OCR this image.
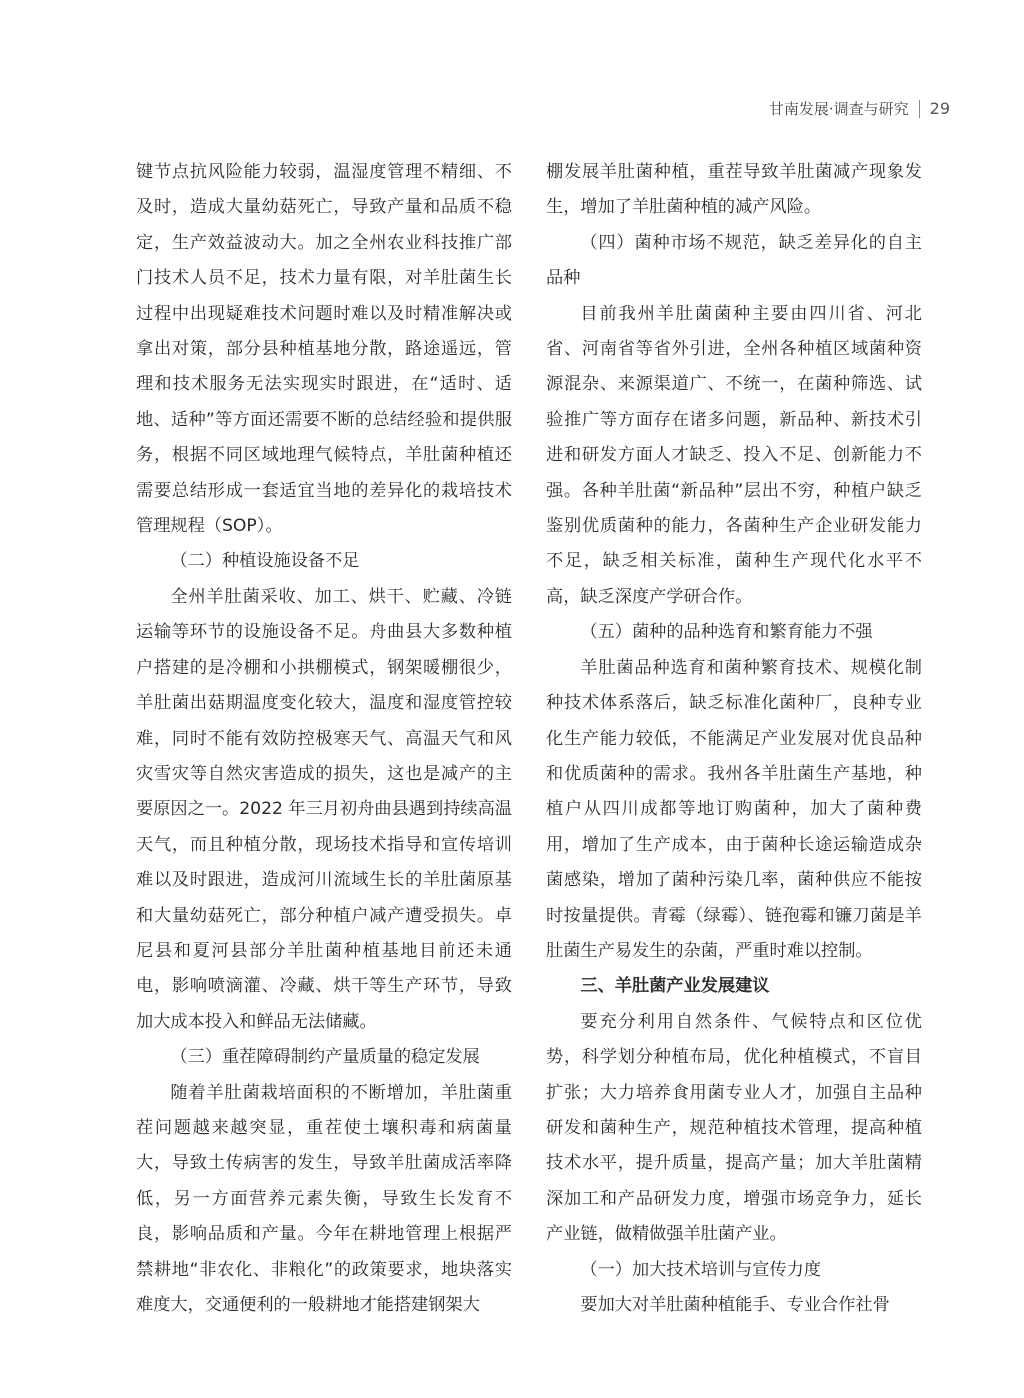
甘南发展·调查与研究 29

键节点抗风险能力较弱，温湿度管理不精细、不及时，造成大量幼菇死亡，导致产量和品质不稳定，生产效益波动大。加之全州农业科技推广部门技术人员不足，技术力量有限，对羊肚菌生长过程中出现疑难技术问题时难以及时精准解决或拿出对策，部分县种植基地分散，路途遥远，管理和技术服务无法实现实时跟进，在“适时、适地、适种”等方面还需要不断的总结经验和提供服务，根据不同区域地理气候特点，羊肚菌种植还需要总结形成一套适宜当地的差异化的栽培技术管理规程（SOP）。

（二）种植设施设备不足

全州羊肚菌采收、加工、烘干、贮藏、冷链运输等环节的设施设备不足。舟曲县大多数种植户搭建的是冷棚和小拱棚模式，钢架暖棚很少，羊肚菌出菇期温度变化较大，温度和湿度管控较难，同时不能有效防控极寒天气、高温天气和风灾雪灾等自然灾害造成的损失，这也是减产的主要原因之一。2022 年三月初舟曲县遇到持续高温天气，而且种植分散，现场技术指导和宣传培训难以及时跟进，造成河川流域生长的羊肚菌原基和大量幼菇死亡，部分种植户减产遭受损失。卓尼县和夏河县部分羊肚菌种植基地目前还未通电，影响喷滴灌、冷藏、烘干等生产环节，导致加大成本投入和鲜品无法储藏。

（三）重茬障碍制约产量质量的稳定发展

随着羊肚菌栽培面积的不断增加，羊肚菌重茬问题越来越突显，重茬使土壤积毒和病菌量大，导致土传病害的发生，导致羊肚菌成活率降低，另一方面营养元素失衡，导致生长发育不良，影响品质和产量。今年在耕地管理上根据严禁耕地“非农化、非粮化”的政策要求，地块落实难度大，交通便利的一般耕地才能搭建钢架大

棚发展羊肚菌种植，重茬导致羊肚菌减产现象发生，增加了羊肚菌种植的减产风险。

（四）菌种市场不规范，缺乏差异化的自主品种

目前我州羊肚菌菌种主要由四川省、河北省、河南省等省外引进，全州各种植区域菌种资源混杂、来源渠道广、不统一，在菌种筛选、试验推广等方面存在诸多问题，新品种、新技术引进和研发方面人才缺乏、投入不足、创新能力不强。各种羊肚菌“新品种”层出不穷，种植户缺乏鉴别优质菌种的能力，各菌种生产企业研发能力不足，缺乏相关标准，菌种生产现代化水平不高，缺乏深度产学研合作。

（五）菌种的品种选育和繁育能力不强

羊肚菌品种选育和菌种繁育技术、规模化制种技术体系落后，缺乏标准化菌种厂，良种专业化生产能力较低，不能满足产业发展对优良品种和优质菌种的需求。我州各羊肚菌生产基地，种植户从四川成都等地订购菌种，加大了菌种费用，增加了生产成本，由于菌种长途运输造成杂菌感染，增加了菌种污染几率，菌种供应不能按时按量提供。青霉（绿霉）、链孢霉和镰刀菌是羊肚菌生产易发生的杂菌，严重时难以控制。

三、羊肚菌产业发展建议

要充分利用自然条件、气候特点和区位优势，科学划分种植布局，优化种植模式，不盲目扩张；大力培养食用菌专业人才，加强自主品种研发和菌种生产，规范种植技术管理，提高种植技术水平，提升质量，提高产量；加大羊肚菌精深加工和产品研发力度，增强市场竞争力，延长产业链，做精做强羊肚菌产业。

（一）加大技术培训与宣传力度

要加大对羊肚菌种植能手、专业合作社骨
